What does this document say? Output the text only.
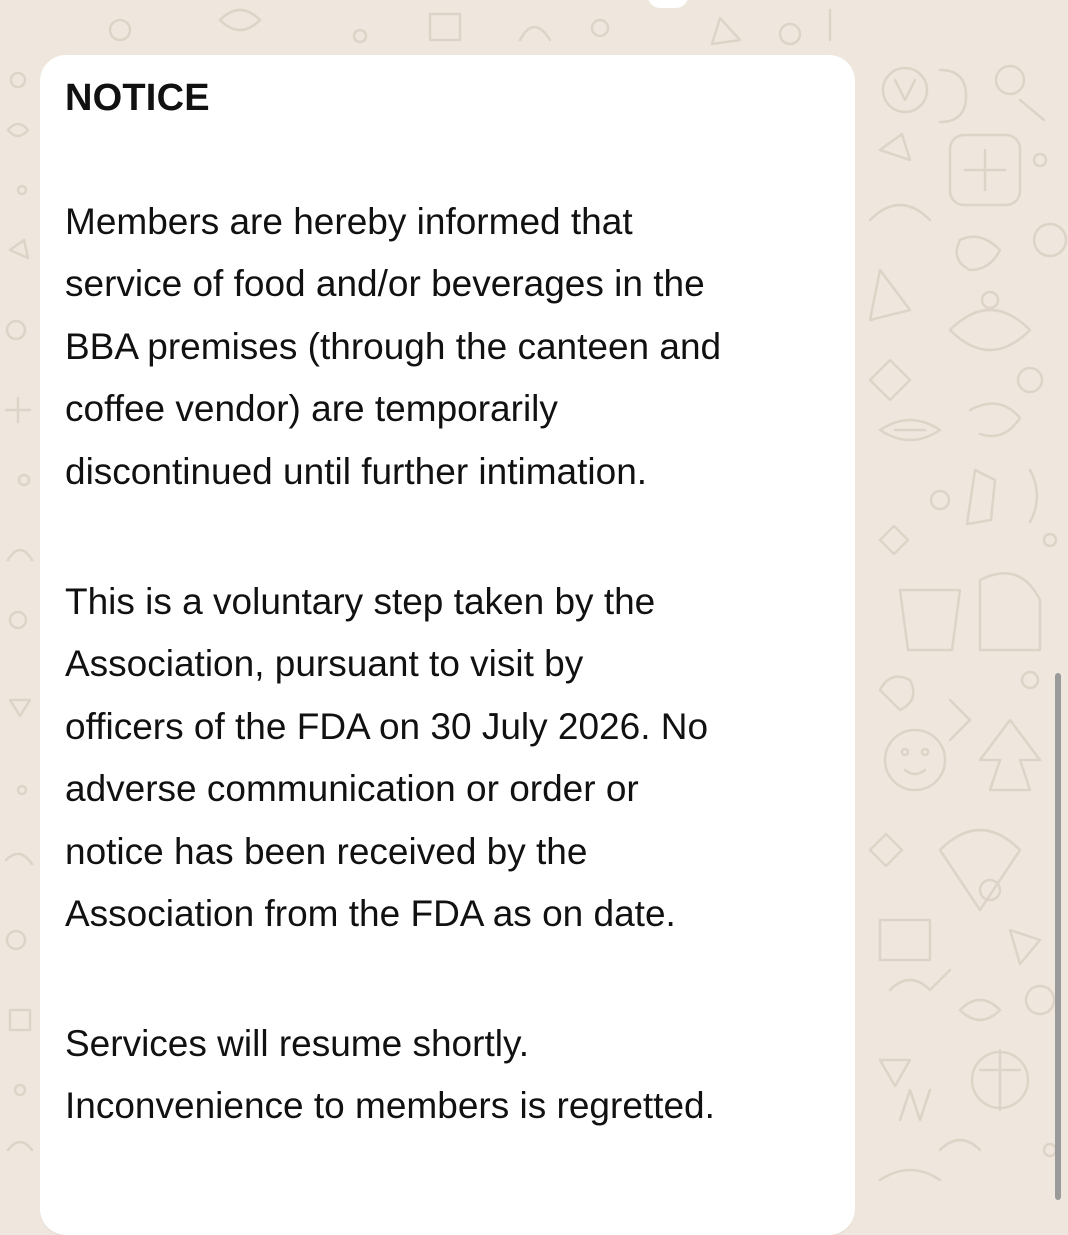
NOTICE

Members are hereby informed that
service of food and/or beverages in the
BBA premises (through the canteen and
coffee vendor) are temporarily
discontinued until further intimation.

This is a voluntary step taken by the
Association, pursuant to visit by
officers of the FDA on 30 July 2026. No
adverse communication or order or
notice has been received by the
Association from the FDA as on date.

Services will resume shortly.
Inconvenience to members is regretted.
